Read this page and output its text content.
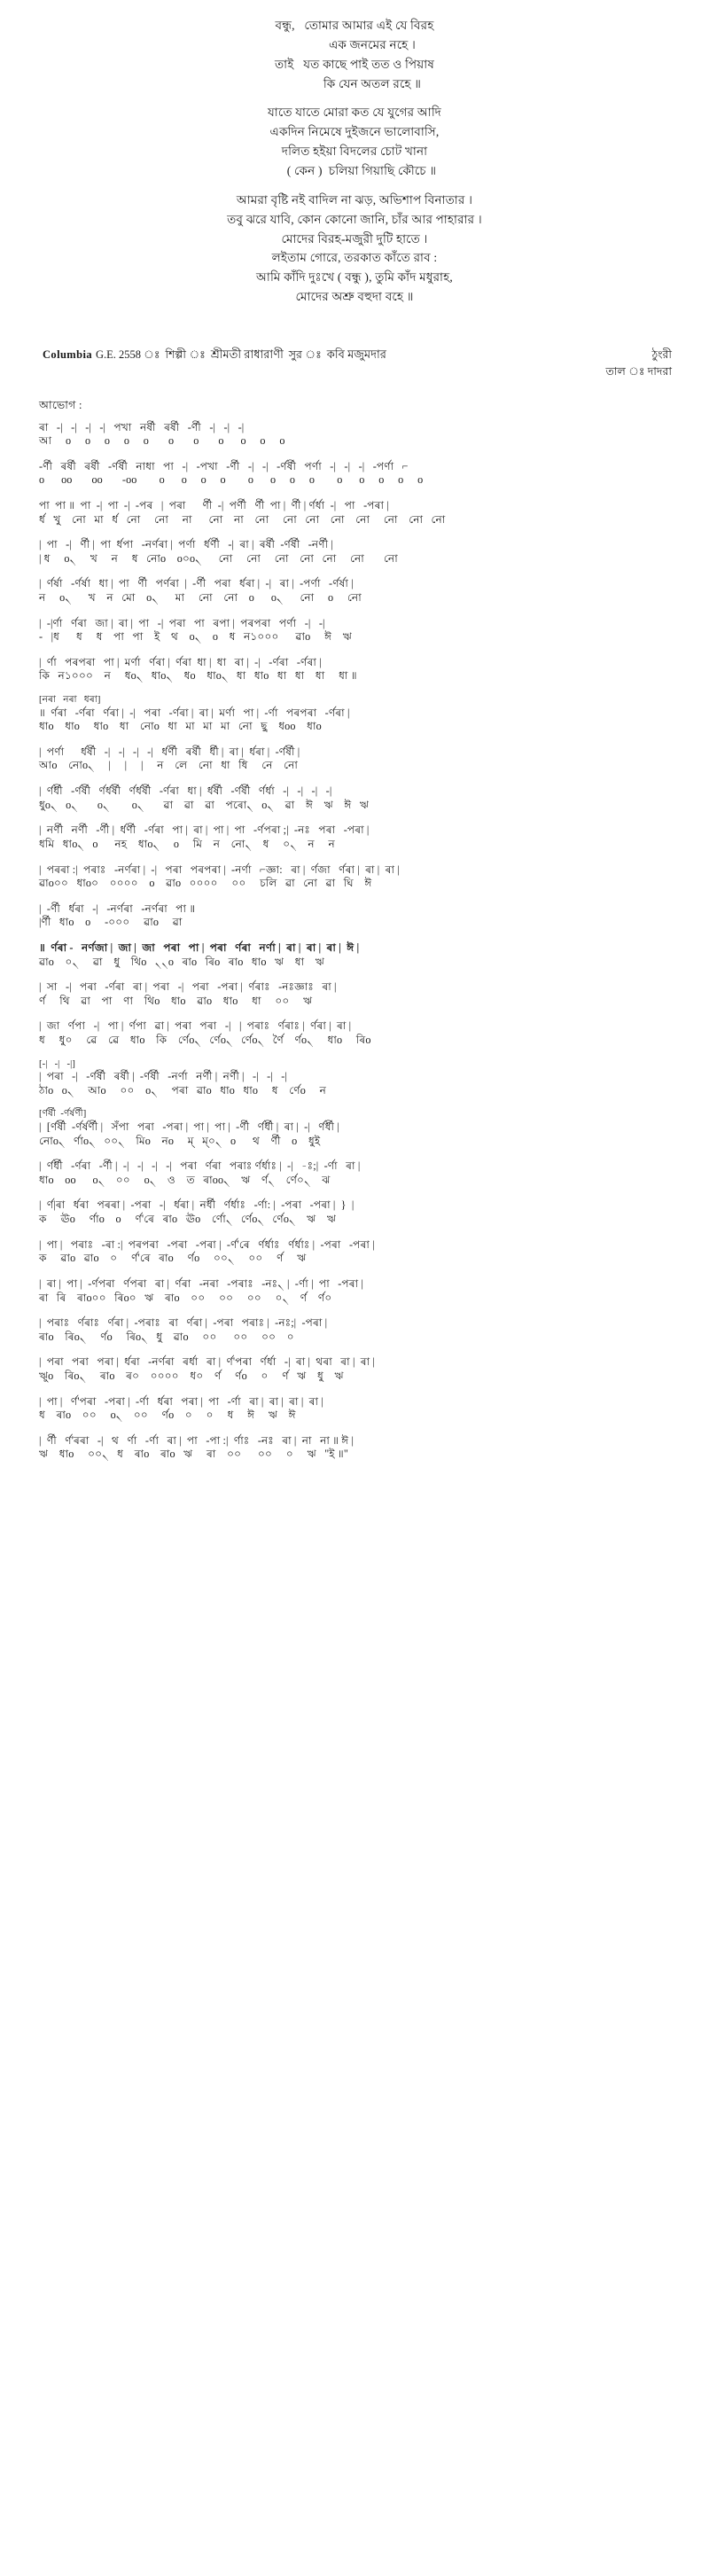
বন্ধু,   তোমার আমার এই যে বিরহ
এক জনমের নহে ।
তাই   যত কাছে পাই তত ও পিয়াষ
কি যেন অতল রহে ॥
যাতে যাতে মোরা কত যে যুগের আদি
একদিন নিমেষে দুইজনে ভালোবাসি,
দলিত হইয়া বিদলের চোট খানা
( কেন )  চলিয়া গিয়াছি কৌচে ॥
আমরা বৃষ্টি নই বাদিল না ঝড়, অভিশাপ বিনাতার ।
তবু ঝরে যাবি, কোন কোনো জানি, চাঁর আর পাহারার ।
মোদের বিরহ-মজুরী দুটি হাতে ।
লইতাম গোরে, তরকাত কাঁতে রাব :
আমি কাঁদি দুঃখে ( বন্ধু ), তুমি কাঁদ মধুরাহ,
মোদের অশ্রু বহুদা বহে ॥
Columbia G.E. 2558 ঃ শিল্পী ঃ শ্রীমতী রাধারাণী সুর ঃ কবি মজুমদার	ঠুংরী
তাল ঃ দাদরা
আভোগ :
ৰা   -|   -|   -|   -|   পখা   নৰ্ষী   ৰৰ্ষী   -ৰ্ণী   -|   -|   -|
আ     o     o     o     o     o       o       o       o      o     o     o
-ৰ্ণী   ৰৰ্ষী   ৰৰ্ষী   -ৰ্ণৰ্ষী   নাধা   পা   -|   -পখা   -ৰ্ণী   -|   -|   -ৰ্ণৰ্ষী   পৰ্ণা   -|   -|   -|   -পৰ্ণা   ⌐
o      oo       oo       -oo        o      o     o     o        o      o     o     o        o      o     o     o     o
পা  পা ॥  পা  -|  পা  -|  -পৰ   |  পৰা      ৰ্ণী  -|  পৰ্ণী   ৰ্ণী  পা |  ৰ্ণী | ৰ্ণৰ্ধা  -|   পা   -পৰা |
ৰ্ধ   খু    নো   মা   ৰ্ধ   নো     নো     না      নো    না    নো     নো   নো    নো    নো     নো    নো   নো
|  পা   -|   ৰ্ণী |  পা  ৰ্ধপা   -নৰ্ণৰা |  পৰ্ণা   ৰ্ধৰ্ণী   -|  ৰা |  ৰৰ্ষী  -ৰ্ণৰ্ষী   -নৰ্ণী |
| ধ     o৲     খ     ন     ধ   নোo    o০o৲      নো     নো     নো    নো   নো     নো       নো
|  ৰ্ণৰ্ষা   -ৰ্ণৰ্ষা   ধা |  পা   ৰ্ণী   পৰ্ণৰা  |  -ৰ্ণী   পৰা   ৰ্ধৰা |  -|   ৰা |  -পৰ্ণা   -ৰ্ণৰ্ষা |
ন     o৲      খ    ন   মো    o৲      মা     নো    নো    o      o৲      নো     o     নো
|  -|ৰ্ণা   ৰ্ণৰা   জা |  ৰা |  পা   -|  পৰা   পা   ৰপা |  পৰপৰা   পৰ্ণা   -|   -|
-   |ধ      ধ     ধ    পা   পা    ই    থ    o৲    o    ধ   ন১০০০      ৱাo     ঈ    ঋ
|  ৰ্ণা   পৰপৰা   পা |  মৰ্ণা   ৰ্ণৰা |  ৰ্ণৰা  ধা |  ধা   ৰা |  -|   -ৰ্ণৰা   -ৰ্ণৰা |
কি   ন১০০০    ন     ধo৲   ধাo৲    ধo    ধাo৲   ধা   ধাo   ধা   ধা    ধা     ধা ॥
[নৰা   নৰা   ধৰা]
॥  ৰ্ণৰা   -ৰ্ণৰা   ৰ্ণৰা |  -|   পৰা   -ৰ্ণৰা |  ৰা |  মৰ্ণা   পা |  -ৰ্ণা   পৰপৰা   -ৰ্ণৰা |
ধাo    ধাo     ধাo    ধা    নোo   ধা   মা   মা   মা   নো   ছু    ধoo    ধাo
|  পৰ্ণা      ৰ্ধৰ্ষী   -|   -|   -|   -|   ৰ্ধৰ্ণী   ৰৰ্ষী   ৰ্ধী |  ৰা |  ৰ্ধৰা |  -ৰ্ণৰ্ষী |
আo    নোo৲     |     |     |     ন    লে    নো   ধা   ধি     নে    নো
|  ৰ্ণৰ্ধী   -ৰ্ণৰ্ষী   ৰ্ণৰ্ধৰ্ষী   ৰ্ণৰ্ধৰ্ষী   -ৰ্ণৰা   ধা |  ৰ্ধৰ্ষী   -ৰ্ণৰ্ষী   ৰ্ণৰ্ধা   -|   -|   -|   -|
ধুo৲   o৲       o৲        o৲       ৱা    ৱা    ৱা    পৰো৲   o৲    ৱা    ঈ    ঋ    ঈ   ঋ
|  নৰ্ণী   নৰ্ণী   -ৰ্ণী |  ৰ্ধৰ্ণী   -ৰ্ণৰা   পা |  ৰা |  পা |  পা   -ৰ্ণপৰা ;|  -নঃ   পৰা   -পৰা |
ধমি   ধাo৲   o      নহ    ধাo৲     o     মি    ন    নো৲    ধ     ০৲    ন     ন
|  পৰৰা :|  পৰাঃ   -নৰ্ণৰা |  -|   পৰা   পৰপৰা |  -নৰ্ণা   ⌐জ্ঞা:   ৰা |  ৰ্ণজা   ৰ্ণৰা |  ৰা |  ৰা |
ৱাo০০   ধাo০    ০০০০    o    ৱাo   ০০০০     ০০     চলি   ৱা   নো   ৱা   ঘি    ঈ
|  -ৰ্ণী   ৰ্ধৰা   -|   -নৰ্ণৰা   -নৰ্ণৰা   পা ॥
|ৰ্ণী   ধাo    o     -০০০     ৱাo     ৱা
॥  ৰ্ণৰা -   নৰ্ণজা |  জা |  জা   পৰা   পা |  পৰা   ৰ্ণৰা   নৰ্ণা |  ৰা |  ৰা |  ৰা |  ঈ |
ৱাo    ০৲     ৱা    ধু    থিo   ৲৲o   ৰাo   ৰিo   ৰাo   ধাo   ঋ    ধা    ঋ
|  সা   -|   পৰা   -ৰ্ণৰা   ৰা |  পৰা   -|   পৰা   -পৰা |  ৰ্ণৰাঃ   -নঃজ্ঞাঃ   ৰা |
ৰ্ণ     থি    ৱা    পা    ণা    থিo    ধাo    ৱাo    ধাo     ধা     ০০     ঋ
|  জা   ৰ্ণপা   -|   পা |  ৰ্ণপা   ৱা |  পৰা   পৰা   -|   |  পৰাঃ   ৰ্ণৰাঃ |  ৰ্ণৰা |  ৰা |
ধ     ধু০     ৱে    ৱে    ধাo    কি    ৰ্ণেo৲   ৰ্ণেo৲   ৰ্ণেo৲   ৰ্ণৈ    ৰ্ণo৲     ধাo     ৰিo
[-|   -|   -|]
|  পৰা   -|   -ৰ্ণৰ্ষী   ৰৰ্ষী |  -ৰ্ণৰ্ষী   -নৰ্ণা   নৰ্ণী |  নৰ্ণী |   -|   -|   -|
ঠাo   o৲     আo     ০০    o৲     পৰা   ৱাo   ধাo   ধাo     ধ    ৰ্ণেo     ন
[ৰ্ণৰ্ষী  -ৰ্ণৰ্ষৰ্ণী]
|  [ৰ্ণৰ্ষী  -ৰ্ণৰ্ষৰ্ণী |   সঁপা   পৰা   -পৰা |  পা |  পা |  -ৰ্ণী   ৰ্ণৰ্ধী |  ৰা |  -|   ৰ্ণৰ্ধী |
নোo৲   ৰ্ণাo৲   ০০৲    মিo    নo     ম্   ম্০৲   o      থ    ৰ্ণী    o    ধুই
|  ৰ্ণৰ্ধী   -ৰ্ণৰা   -ৰ্ণী |  -|   -|   -|   -|   পৰা   ৰ্ণৰা   পৰাঃ ৰ্ণৰ্ধাঃ |  -|   -ঃ;|  -ৰ্ণা   ৰা |
ধাo    oo      o৲    ০০     o৲    ও    ত   ৰাoo৲    ঋ    ৰ্ণ৲    ৰ্ণে০৲    ঝ
|  ৰ্ণ|ৰা   ৰ্ধৰা   পৰৰা |  -পৰা   -|   ৰ্ধৰা |  নৰ্ধী   ৰ্ণৰ্ধাঃ   -ৰ্ণা: |  -পৰা   -পৰা |  }  |
ক     ঊo     ৰ্ণাo    o     ৰ্ণ'ৰে   ৰাo   ঊo    ৰ্ণো৲   ৰ্ণেo৲   ৰ্ণেo৲    ঋ    ঋ
|  পা |   পৰাঃ   -ৰা :|  পৰপৰা   -পৰা   -পৰা |  -ৰ্ণ'ৰে   ৰ্ণৰ্ধাঃ   ৰ্ণৰ্ধাঃ |  -পৰা   -পৰা |
ক     ৱাo   ৱাo    ০     ৰ্ণ'ৰে   ৰাo     ৰ্ণo     ০০৲     ০০     ৰ্ণ     ঋ
|  ৰা |  পা |  -ৰ্ণপৰা   ৰ্ণপৰা   ৰা |  ৰ্ণৰা   -নৰা   -পৰাঃ   -নঃ৲ |  -ৰ্ণা |  পা   -পৰা |
ৰা   ৰি    ৰাo০০   ৰিo০   ঋ    ৰাo    ০০     ০০     ০০     ০৲    ৰ্ণ    ৰ্ণ০
|  পৰাঃ   ৰ্ণৰাঃ   ৰ্ণৰা |  -পৰাঃ   ৰা   ৰ্ণৰা |  -পৰা   পৰাঃ |  -নঃ;|  -পৰা |
ৰাo    ৰিo৲     ৰ্ণo     ৰিo৲   ধু    ৱাo     ০০      ০০     ০০    ০
|  পৰা   পৰা   পৰা |  ৰ্ধৰা   -নৰ্ণৰা   ৰৰ্ধা   ৰা |  ৰ্ণ'পৰা   ৰ্ণৰ্ধা   -|  ৰা |  থৰা   ৰা |  ৰা |
ঋুo    ৰিo৲     ৰাo    ৰ০    ০০০০    ধ০    ৰ্ণ     ৰ্ণo     ০     ৰ্ণ   ঋ    ধু    ঋ
|  পা |   ৰ্ণ'পৰা   -পৰা |  -ৰ্ণা   ৰ্ধৰা   পৰা |  পা   -ৰ্ণা   ৰা |  ৰা |  ৰা |  ৰা |
ধ    ৰাo    ০০     o৲    ০০     ৰ্ণo    ০     ০     ধ     ঈ     ঋ    ঈ
|  ৰ্ণী   ৰ্ণ'ৰৰা   -|   থ   ৰ্ণা   -ৰ্ণা   ৰা |  পা   -পা :|  ৰ্ণাঃ   -নঃ   ৰা |  না   না ॥ ঈ |
ঋ    ধাo     ০০৲   ধ    ৰাo    ৰাo   ঋ     ৰা    ০০      ০০     ০     ঋ   "ই ॥"
